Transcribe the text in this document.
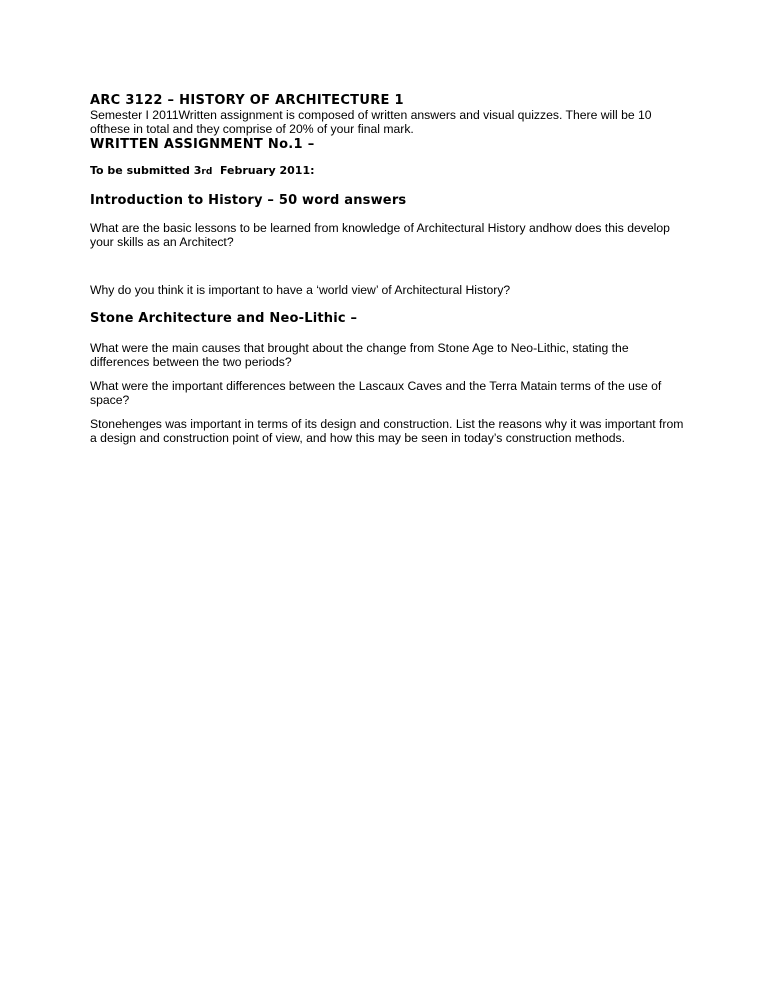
ARC 3122 – HISTORY OF ARCHITECTURE 1

Semester I 2011Written assignment is composed of written answers and visual quizzes. There will be 10 ofthese in total and they comprise of 20% of your final mark.

WRITTEN ASSIGNMENT No.1 –

To be submitted 3rd  February 2011:

Introduction to History – 50 word answers

What are the basic lessons to be learned from knowledge of Architectural History andhow does this develop your skills as an Architect?

Why do you think it is important to have a ‘world view’ of Architectural History?

Stone Architecture and Neo-Lithic –

What were the main causes that brought about the change from Stone Age to Neo-Lithic, stating the differences between the two periods?

What were the important differences between the Lascaux Caves and the Terra Matain terms of the use of space?

Stonehenges was important in terms of its design and construction. List the reasons why it was important from a design and construction point of view, and how this may be seen in today’s construction methods.
